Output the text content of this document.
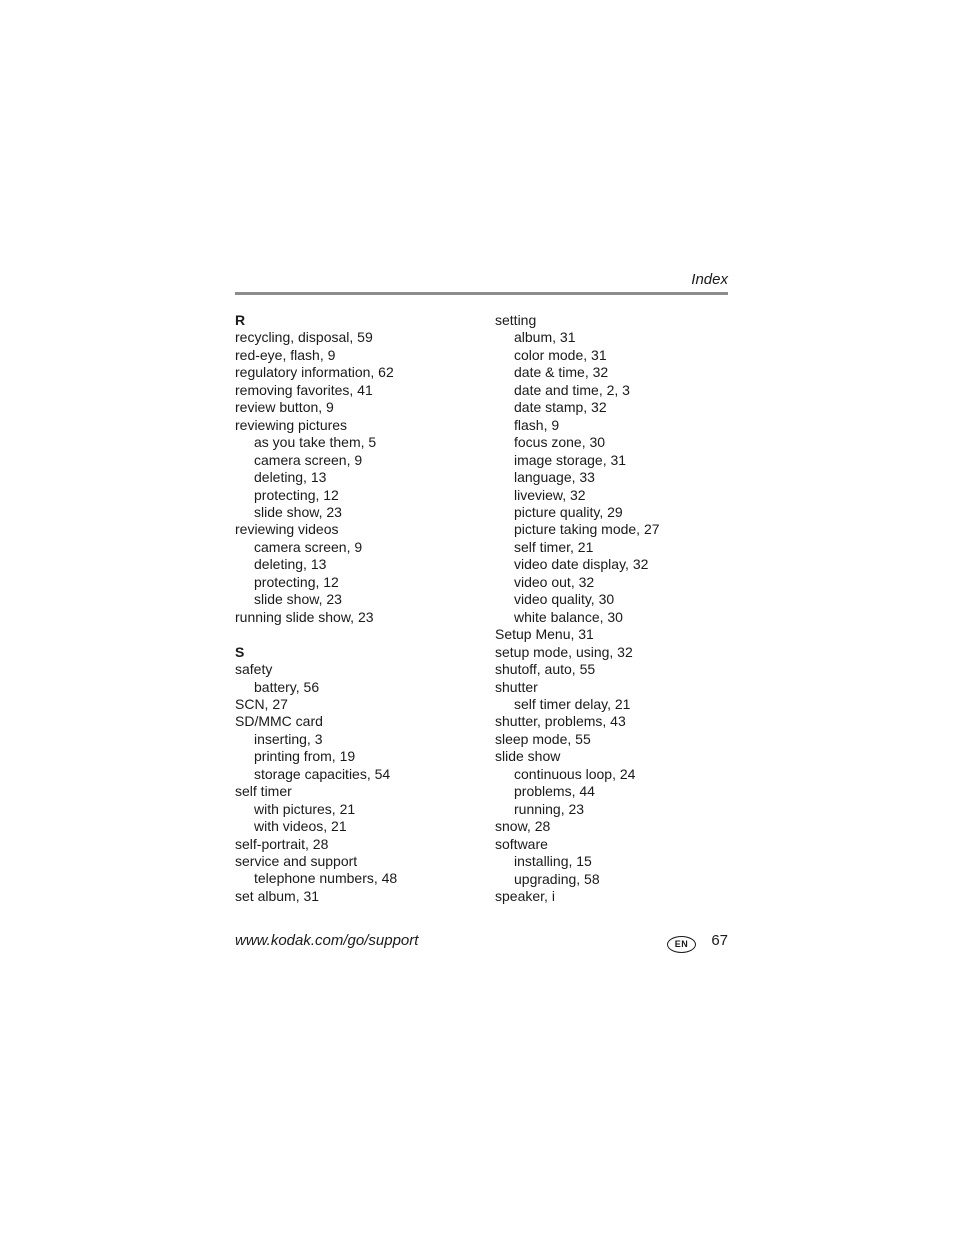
Index
R
recycling, disposal, 59
red-eye, flash, 9
regulatory information, 62
removing favorites, 41
review button, 9
reviewing pictures
as you take them, 5
camera screen, 9
deleting, 13
protecting, 12
slide show, 23
reviewing videos
camera screen, 9
deleting, 13
protecting, 12
slide show, 23
running slide show, 23
S
safety
battery, 56
SCN, 27
SD/MMC card
inserting, 3
printing from, 19
storage capacities, 54
self timer
with pictures, 21
with videos, 21
self-portrait, 28
service and support
telephone numbers, 48
set album, 31
setting
album, 31
color mode, 31
date & time, 32
date and time, 2, 3
date stamp, 32
flash, 9
focus zone, 30
image storage, 31
language, 33
liveview, 32
picture quality, 29
picture taking mode, 27
self timer, 21
video date display, 32
video out, 32
video quality, 30
white balance, 30
Setup Menu, 31
setup mode, using, 32
shutoff, auto, 55
shutter
self timer delay, 21
shutter, problems, 43
sleep mode, 55
slide show
continuous loop, 24
problems, 44
running, 23
snow, 28
software
installing, 15
upgrading, 58
speaker, i
www.kodak.com/go/support	EN	67
